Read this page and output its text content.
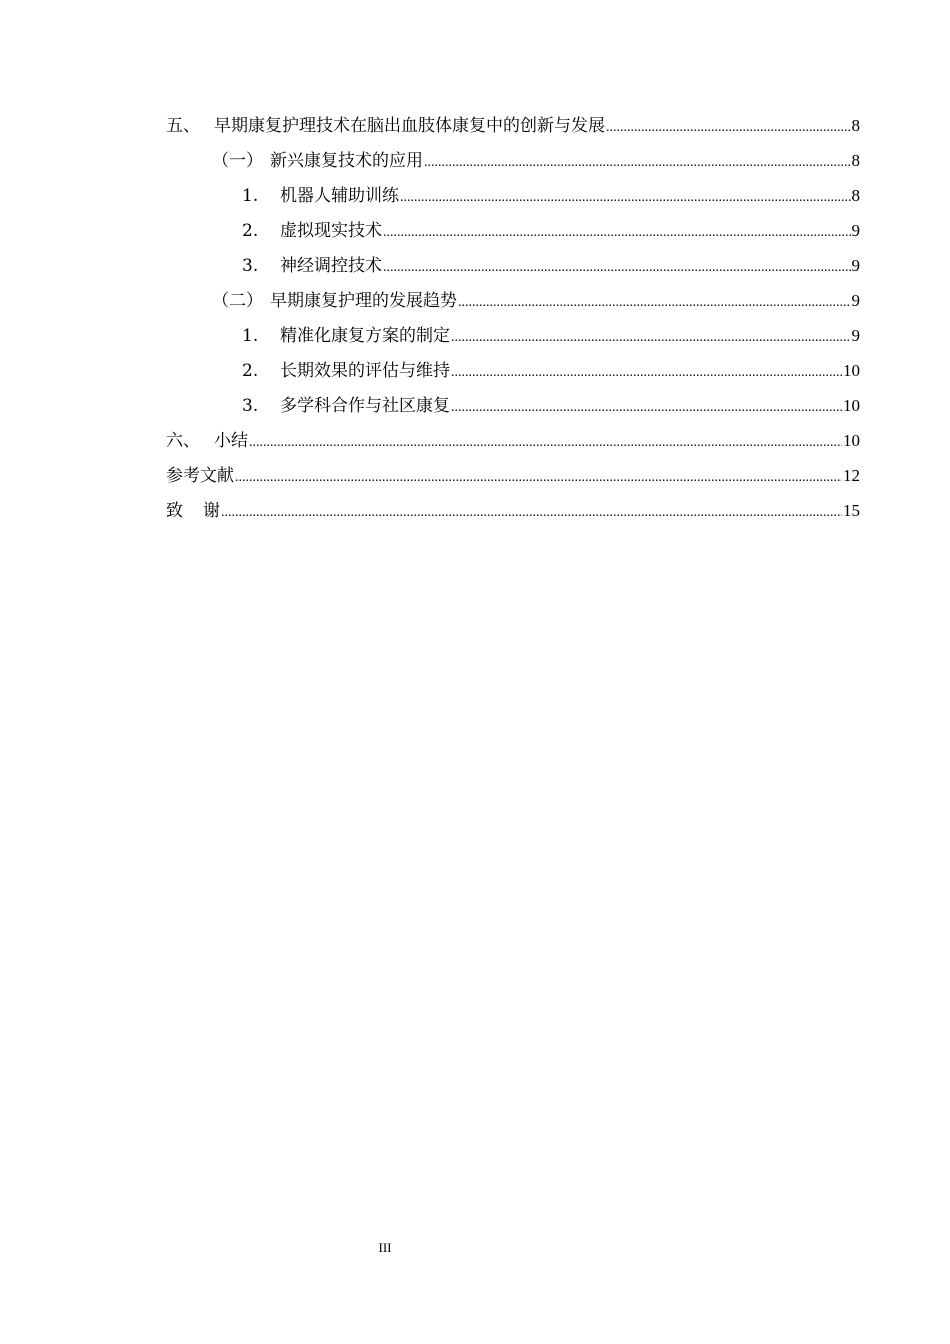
五、 早期康复护理技术在脑出血肢体康复中的创新与发展 .....	8
（一） 新兴康复技术的应用 .....	8
1.	机器人辅助训练 .....	8
2.	虚拟现实技术 .....	9
3.	神经调控技术 .....	9
（二） 早期康复护理的发展趋势 .....	9
1.	精准化康复方案的制定 .....	9
2.	长期效果的评估与维持 .....	10
3.	多学科合作与社区康复 .....	10
六、 小结 .....	10
参考文献 .....	12
致谢 .....	15
III
